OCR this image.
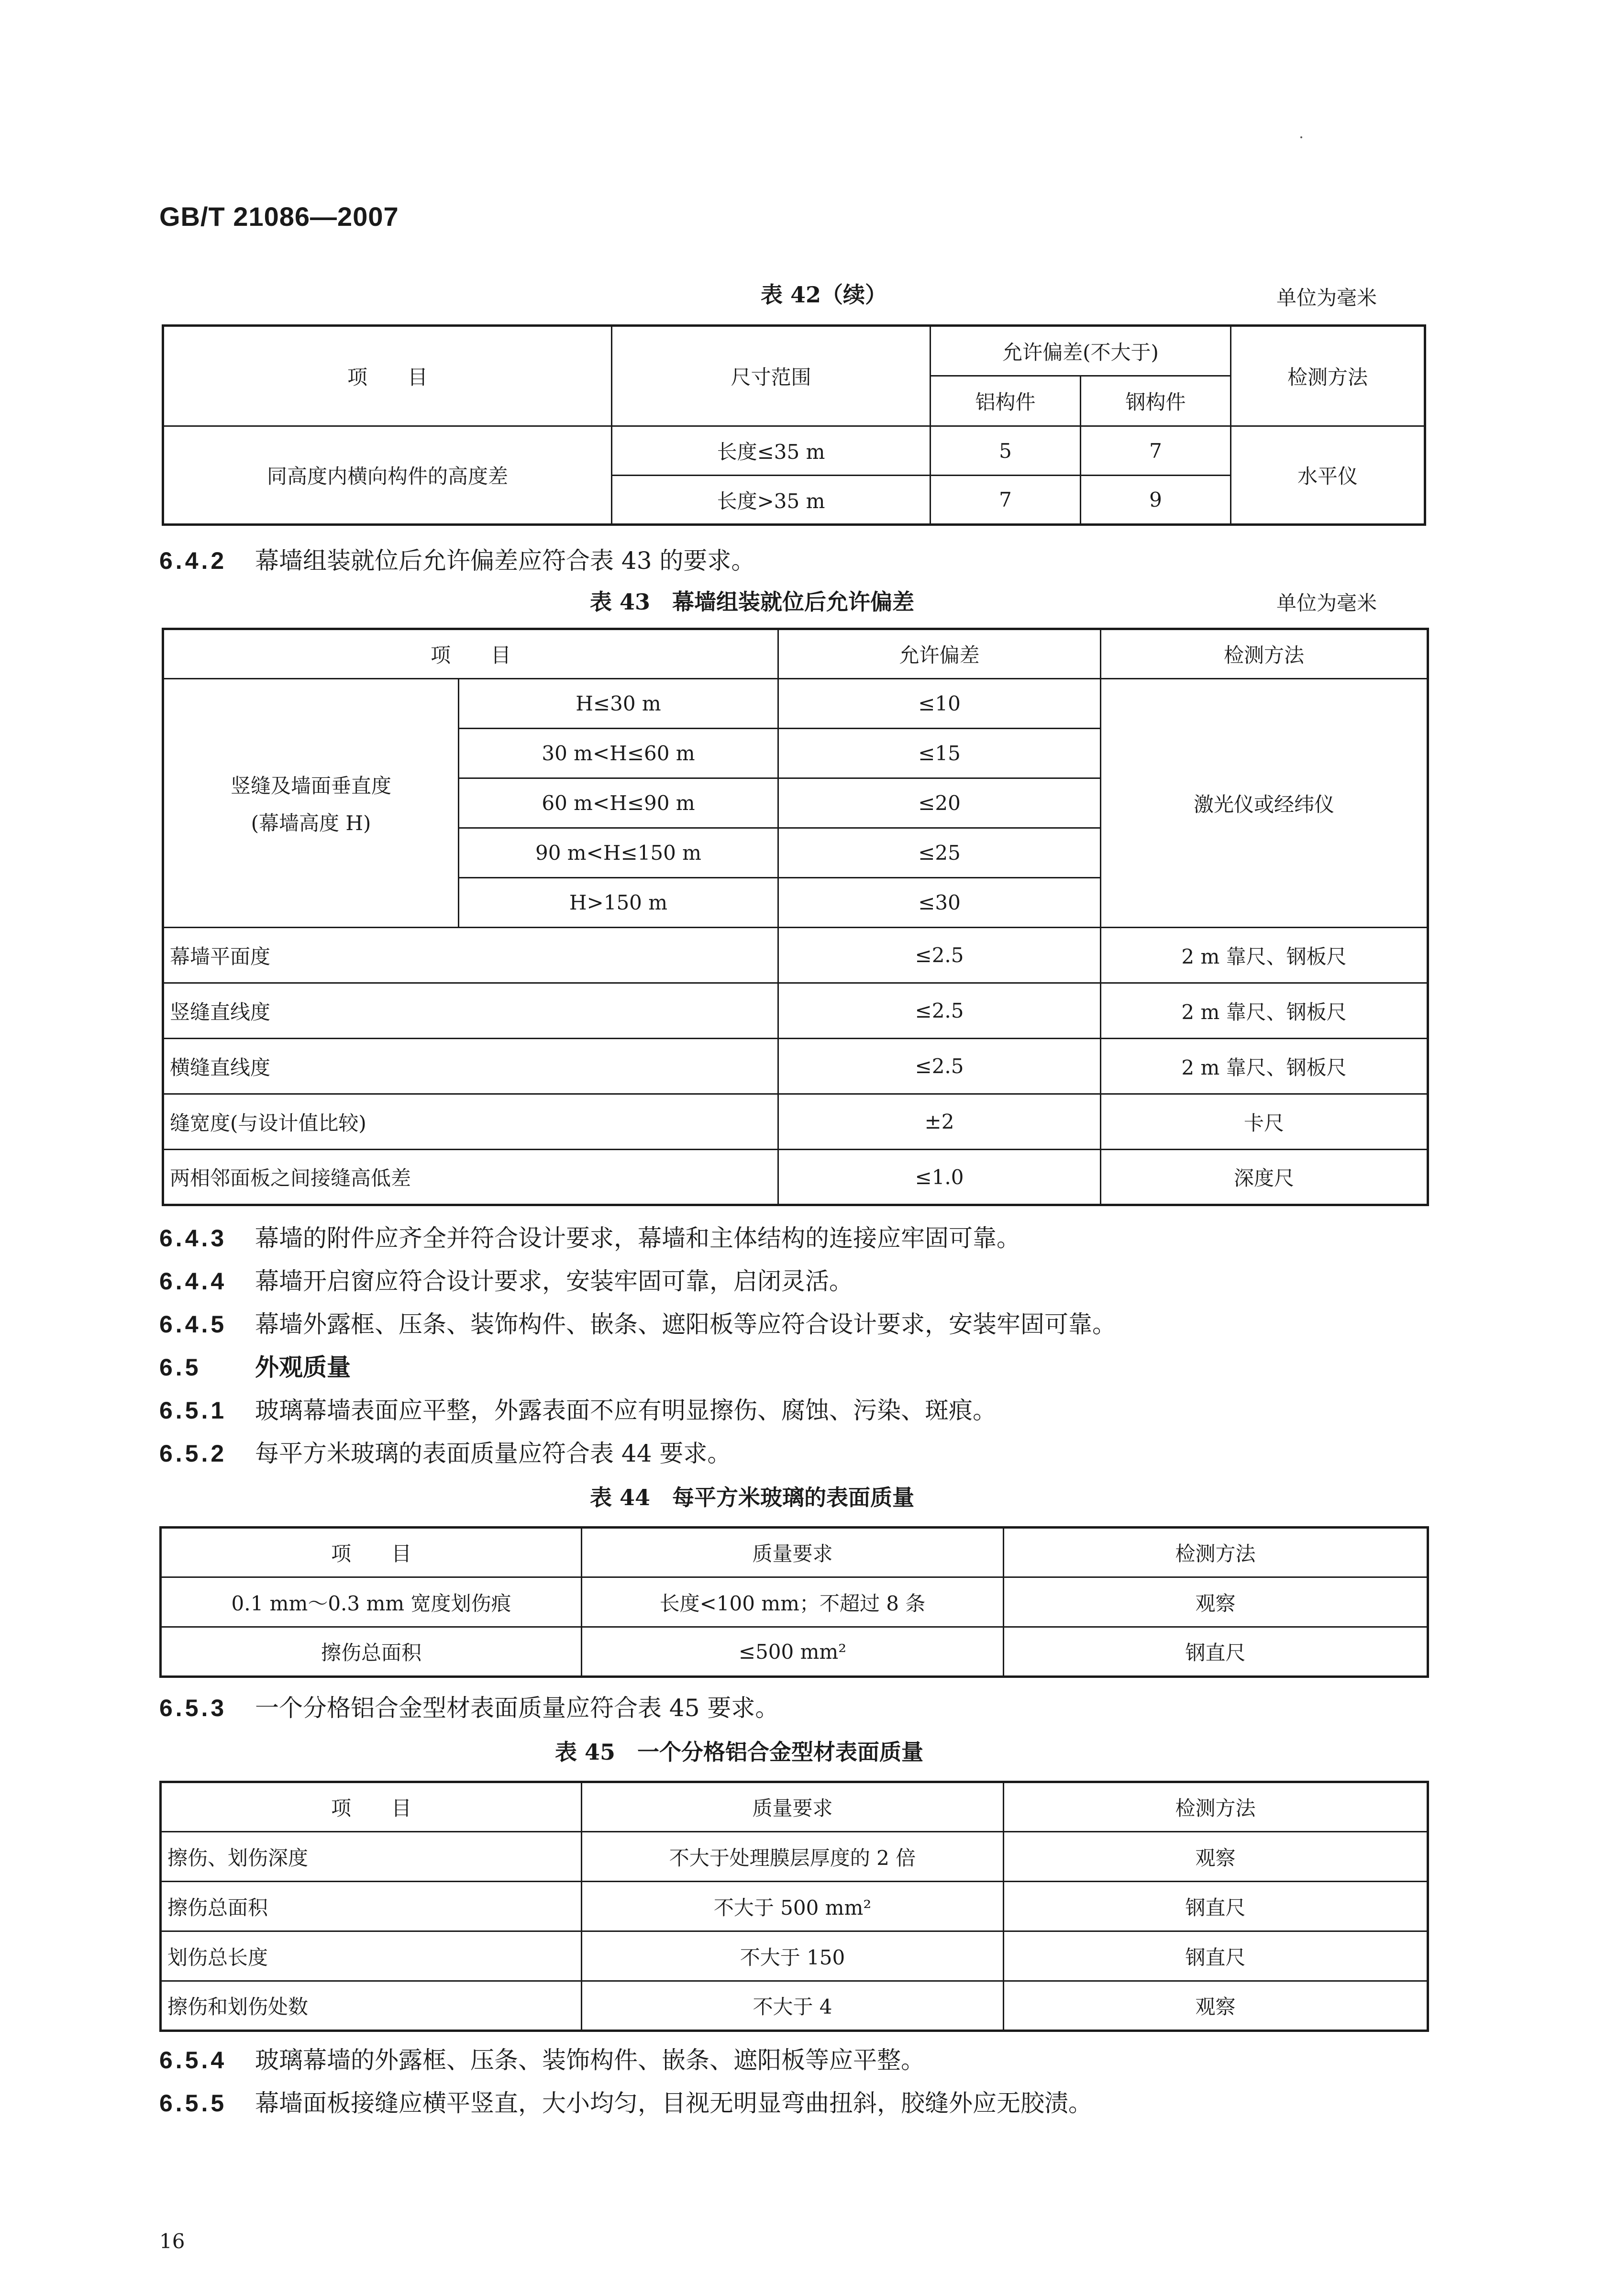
GB/T 21086—2007
表 42（续）	单位为毫米
项　　目	尺寸范围	允许偏差(不大于)		检测方法
		铝构件	钢构件	
同高度内横向构件的高度差	长度≤35 m	5	7	水平仪
	长度>35 m	7	9	
6.4.2 幕墙组装就位后允许偏差应符合表 43 的要求。
表 43　幕墙组装就位后允许偏差	单位为毫米
项　　目		允许偏差	检测方法

竖缝及墙面垂直度
(幕墙高度 H)	H≤30 m	≤10	激光仪或经纬仪
	30 m<H≤60 m	≤15	
	60 m<H≤90 m	≤20	
	90 m<H≤150 m	≤25	
	H>150 m	≤30	
幕墙平面度		≤2.5	2 m 靠尺、钢板尺
竖缝直线度		≤2.5	2 m 靠尺、钢板尺
横缝直线度		≤2.5	2 m 靠尺、钢板尺
缝宽度(与设计值比较)		±2	卡尺
两相邻面板之间接缝高低差		≤1.0	深度尺
6.4.3 幕墙的附件应齐全并符合设计要求，幕墙和主体结构的连接应牢固可靠。
6.4.4 幕墙开启窗应符合设计要求，安装牢固可靠，启闭灵活。
6.4.5 幕墙外露框、压条、装饰构件、嵌条、遮阳板等应符合设计要求，安装牢固可靠。
6.5 外观质量
6.5.1 玻璃幕墙表面应平整，外露表面不应有明显擦伤、腐蚀、污染、斑痕。
6.5.2 每平方米玻璃的表面质量应符合表 44 要求。
表 44　每平方米玻璃的表面质量
项　　目	质量要求	检测方法
0.1 mm～0.3 mm 宽度划伤痕	长度<100 mm；不超过 8 条	观察
擦伤总面积	≤500 mm²	钢直尺
6.5.3 一个分格铝合金型材表面质量应符合表 45 要求。
表 45　一个分格铝合金型材表面质量
项　　目	质量要求	检测方法
擦伤、划伤深度	不大于处理膜层厚度的 2 倍	观察
擦伤总面积	不大于 500 mm²	钢直尺
划伤总长度	不大于 150	钢直尺
擦伤和划伤处数	不大于 4	观察
6.5.4 玻璃幕墙的外露框、压条、装饰构件、嵌条、遮阳板等应平整。
6.5.5 幕墙面板接缝应横平竖直，大小均匀，目视无明显弯曲扭斜，胶缝外应无胶渍。
16
